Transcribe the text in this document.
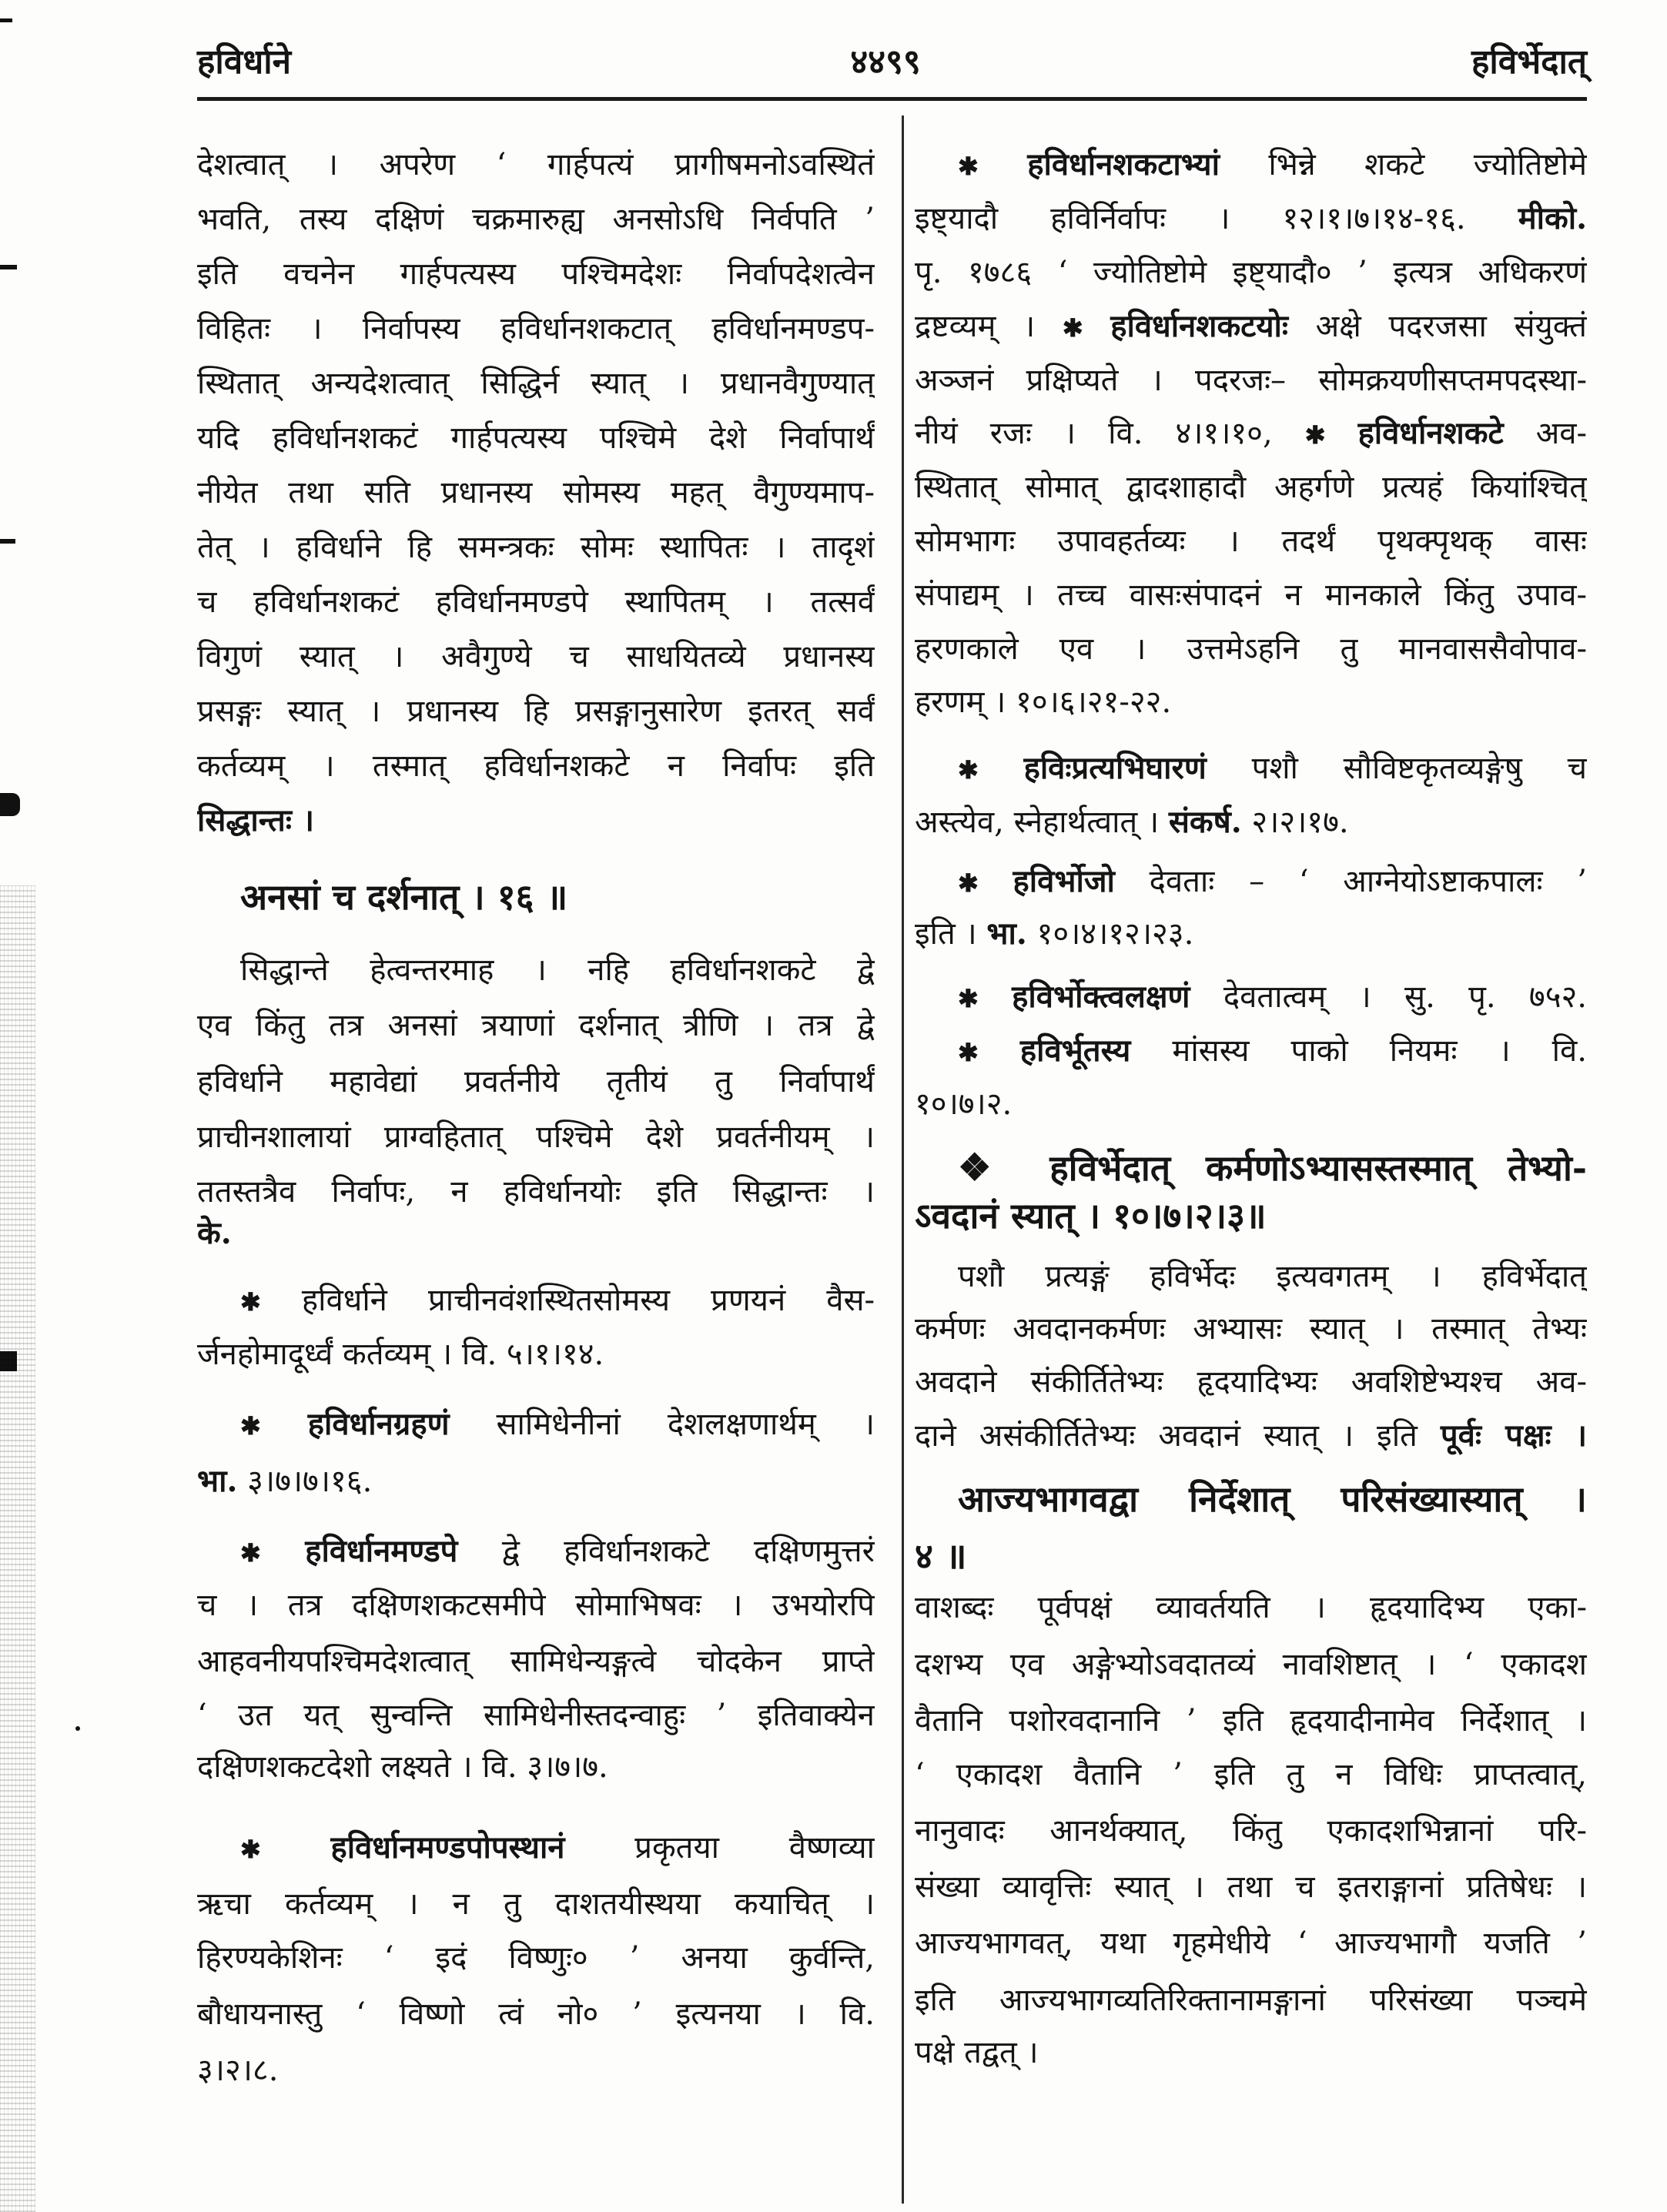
हविर्धाने	४४९९	हविर्भेदात्
देशत्वात् । अपरेण ‘ गार्हपत्यं प्रागीषमनोऽवस्थितं
भवति, तस्य दक्षिणं चक्रमारुह्य अनसोऽधि निर्वपति ’
इति वचनेन गार्हपत्यस्य पश्चिमदेशः निर्वापदेशत्वेन
विहितः । निर्वापस्य हविर्धानशकटात् हविर्धानमण्डप-
स्थितात् अन्यदेशत्वात् सिद्धिर्न स्यात् । प्रधानवैगुण्यात्
यदि हविर्धानशकटं गार्हपत्यस्य पश्चिमे देशे निर्वापार्थं
नीयेत तथा सति प्रधानस्य सोमस्य महत् वैगुण्यमाप-
तेत् । हविर्धाने हि समन्त्रकः सोमः स्थापितः । तादृशं
च हविर्धानशकटं हविर्धानमण्डपे स्थापितम् । तत्सर्वं
विगुणं स्यात् । अवैगुण्ये च साधयितव्ये प्रधानस्य
प्रसङ्गः स्यात् । प्रधानस्य हि प्रसङ्गानुसारेण इतरत् सर्वं
कर्तव्यम् । तस्मात् हविर्धानशकटे न निर्वापः इति
सिद्धान्तः ।
अनसां च दर्शनात् । १६ ॥
सिद्धान्ते हेत्वन्तरमाह । नहि हविर्धानशकटे द्वे
एव किंतु तत्र अनसां त्रयाणां दर्शनात् त्रीणि । तत्र द्वे
हविर्धाने महावेद्यां प्रवर्तनीये तृतीयं तु निर्वापार्थं
प्राचीनशालायां प्राग्वहितात् पश्चिमे देशे प्रवर्तनीयम् ।
ततस्तत्रैव निर्वापः, न हविर्धानयोः इति सिद्धान्तः ।
के.
✱ हविर्धाने प्राचीनवंशस्थितसोमस्य प्रणयनं वैस-
र्जनहोमादूर्ध्वं कर्तव्यम् । वि. ५।१।१४.
✱ हविर्धानग्रहणं सामिधेनीनां देशलक्षणार्थम् ।
भा. ३।७।७।१६.
✱ हविर्धानमण्डपे द्वे हविर्धानशकटे दक्षिणमुत्तरं
च । तत्र दक्षिणशकटसमीपे सोमाभिषवः । उभयोरपि
आहवनीयपश्चिमदेशत्वात् सामिधेन्यङ्गत्वे चोदकेन प्राप्ते
‘ उत यत् सुन्वन्ति सामिधेनीस्तदन्वाहुः ’ इतिवाक्येन
दक्षिणशकटदेशो लक्ष्यते । वि. ३।७।७.
✱ हविर्धानमण्डपोपस्थानं प्रकृतया वैष्णव्या
ऋचा कर्तव्यम् । न तु दाशतयीस्थया कयाचित् ।
हिरण्यकेशिनः ‘ इदं विष्णुः० ’ अनया कुर्वन्ति,
बौधायनास्तु ‘ विष्णो त्वं नो० ’ इत्यनया । वि.
३।२।८.
✱ हविर्धानशकटाभ्यां भिन्ने शकटे ज्योतिष्टोमे
इष्ट्यादौ हविर्निर्वापः । १२।१।७।१४-१६. मीको.
पृ. १७८६ ‘ ज्योतिष्टोमे इष्ट्यादौ० ’ इत्यत्र अधिकरणं
द्रष्टव्यम् । ✱ हविर्धानशकटयोः अक्षे पदरजसा संयुक्तं
अञ्जनं प्रक्षिप्यते । पदरजः– सोमक्रयणीसप्तमपदस्था-
नीयं रजः । वि. ४।१।१०, ✱ हविर्धानशकटे अव-
स्थितात् सोमात् द्वादशाहादौ अहर्गणे प्रत्यहं कियांश्चित्
सोमभागः उपावहर्तव्यः । तदर्थं पृथक्पृथक् वासः
संपाद्यम् । तच्च वासःसंपादनं न मानकाले किंतु उपाव-
हरणकाले एव । उत्तमेऽहनि तु मानवाससैवोपाव-
हरणम् । १०।६।२१-२२.
✱ हविःप्रत्यभिघारणं पशौ सौविष्टकृतव्यङ्गेषु च
अस्त्येव, स्नेहार्थत्वात् । संकर्ष. २।२।१७.
✱ हविर्भोजो देवताः – ‘ आग्नेयोऽष्टाकपालः ’
इति । भा. १०।४।१२।२३.
✱ हविर्भोक्त्वलक्षणं देवतात्वम् । सु. पृ. ७५२.
✱ हविर्भूतस्य मांसस्य पाको नियमः । वि.
१०।७।२.
❖ हविर्भेदात् कर्मणोऽभ्यासस्तस्मात् तेभ्यो-
ऽवदानं स्यात् । १०।७।२।३॥
पशौ प्रत्यङ्गं हविर्भेदः इत्यवगतम् । हविर्भेदात्
कर्मणः अवदानकर्मणः अभ्यासः स्यात् । तस्मात् तेभ्यः
अवदाने संकीर्तितेभ्यः हृदयादिभ्यः अवशिष्टेभ्यश्च अव-
दाने असंकीर्तितेभ्यः अवदानं स्यात् । इति पूर्वः पक्षः ।
आज्यभागवद्वा निर्देशात् परिसंख्यास्यात् ।
४ ॥
वाशब्दः पूर्वपक्षं व्यावर्तयति । हृदयादिभ्य एका-
दशभ्य एव अङ्गेभ्योऽवदातव्यं नावशिष्टात् । ‘ एकादश
वैतानि पशोरवदानानि ’ इति हृदयादीनामेव निर्देशात् ।
‘ एकादश वैतानि ’ इति तु न विधिः प्राप्तत्वात्,
नानुवादः आनर्थक्यात्, किंतु एकादशभिन्नानां परि-
संख्या व्यावृत्तिः स्यात् । तथा च इतराङ्गानां प्रतिषेधः ।
आज्यभागवत्, यथा गृहमेधीये ‘ आज्यभागौ यजति ’
इति आज्यभागव्यतिरिक्तानामङ्गानां परिसंख्या पञ्चमे
पक्षे तद्वत् ।
